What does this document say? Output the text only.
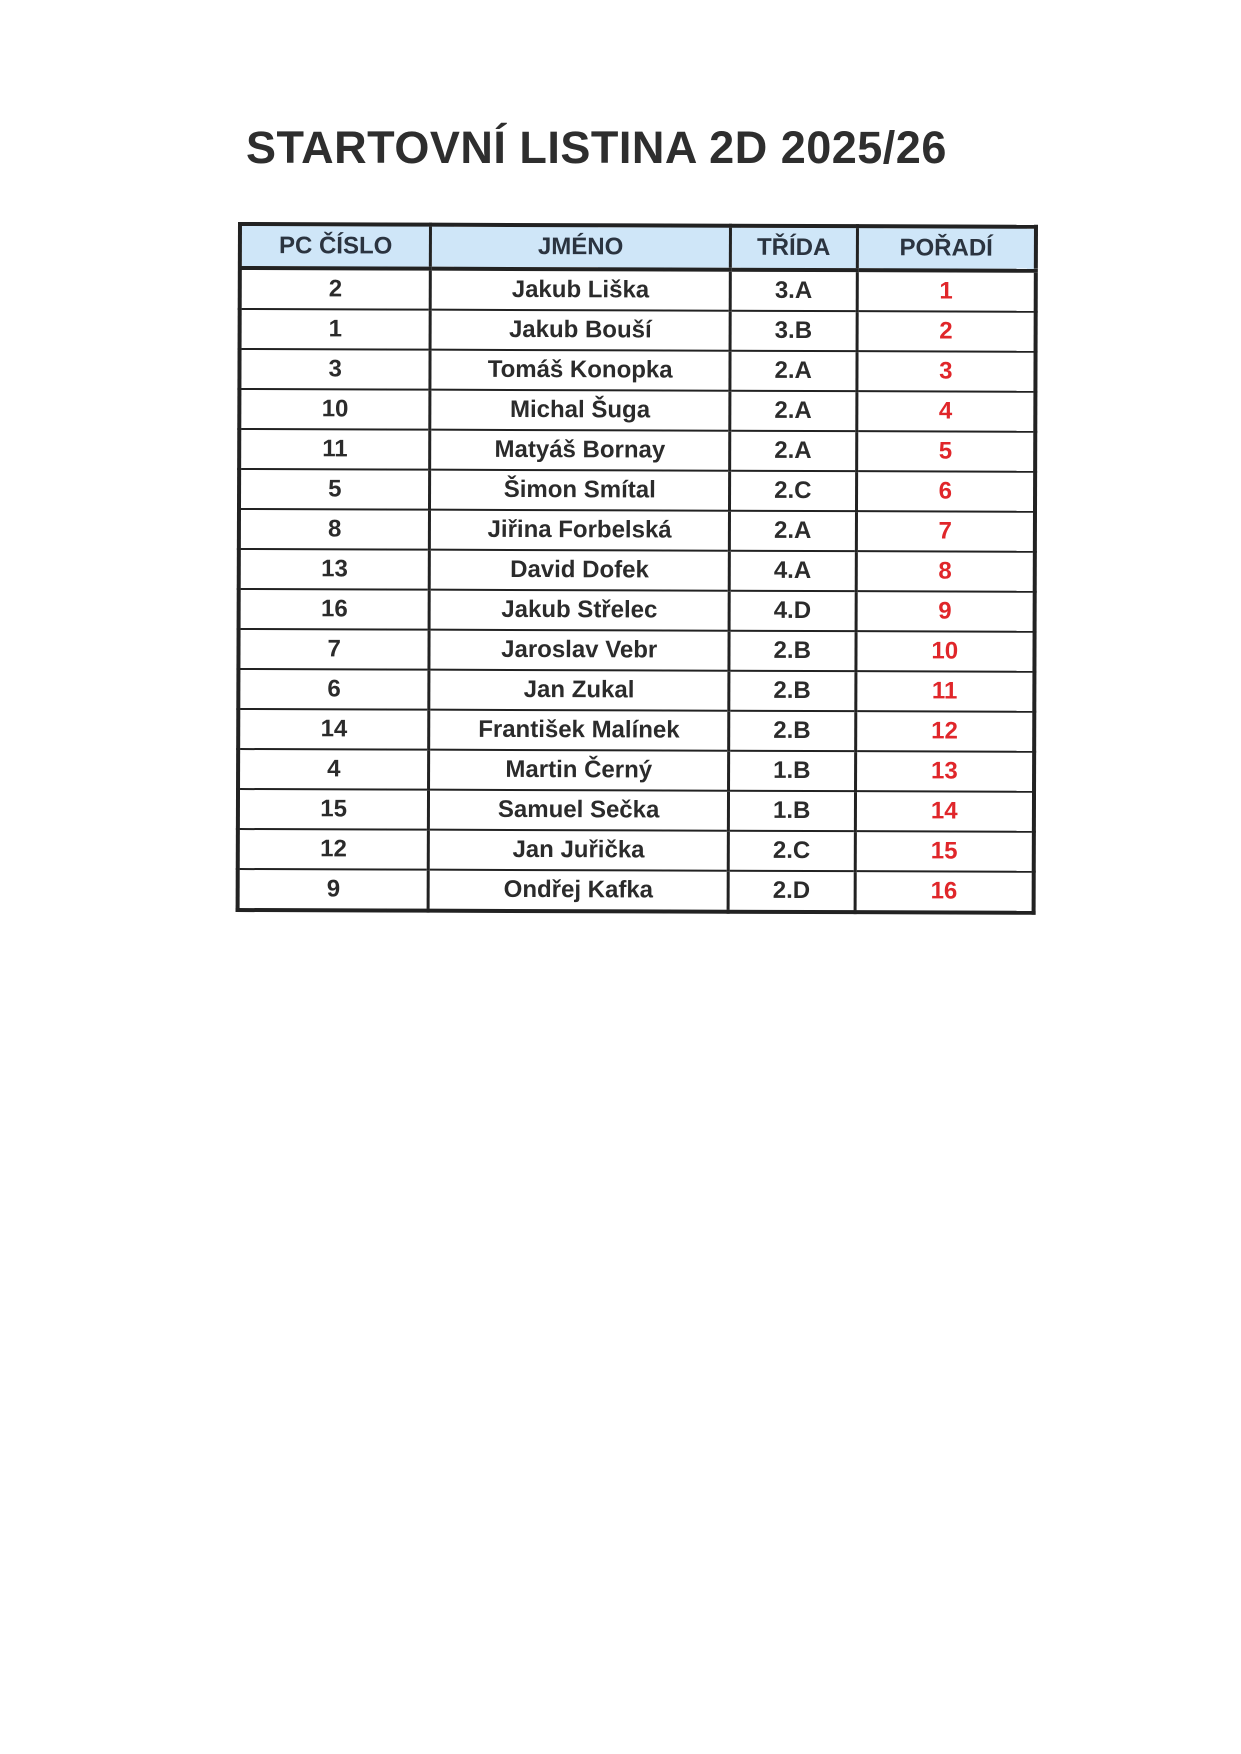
STARTOVNÍ LISTINA 2D 2025/26
PC ČÍSLO	JMÉNO	TŘÍDA	POŘADÍ
2	Jakub Liška	3.A	1
1	Jakub Bouší	3.B	2
3	Tomáš Konopka	2.A	3
10	Michal Šuga	2.A	4
11	Matyáš Bornay	2.A	5
5	Šimon Smítal	2.C	6
8	Jiřina Forbelská	2.A	7
13	David Dofek	4.A	8
16	Jakub Střelec	4.D	9
7	Jaroslav Vebr	2.B	10
6	Jan Zukal	2.B	11
14	František Malínek	2.B	12
4	Martin Černý	1.B	13
15	Samuel Sečka	1.B	14
12	Jan Juřička	2.C	15
9	Ondřej Kafka	2.D	16
